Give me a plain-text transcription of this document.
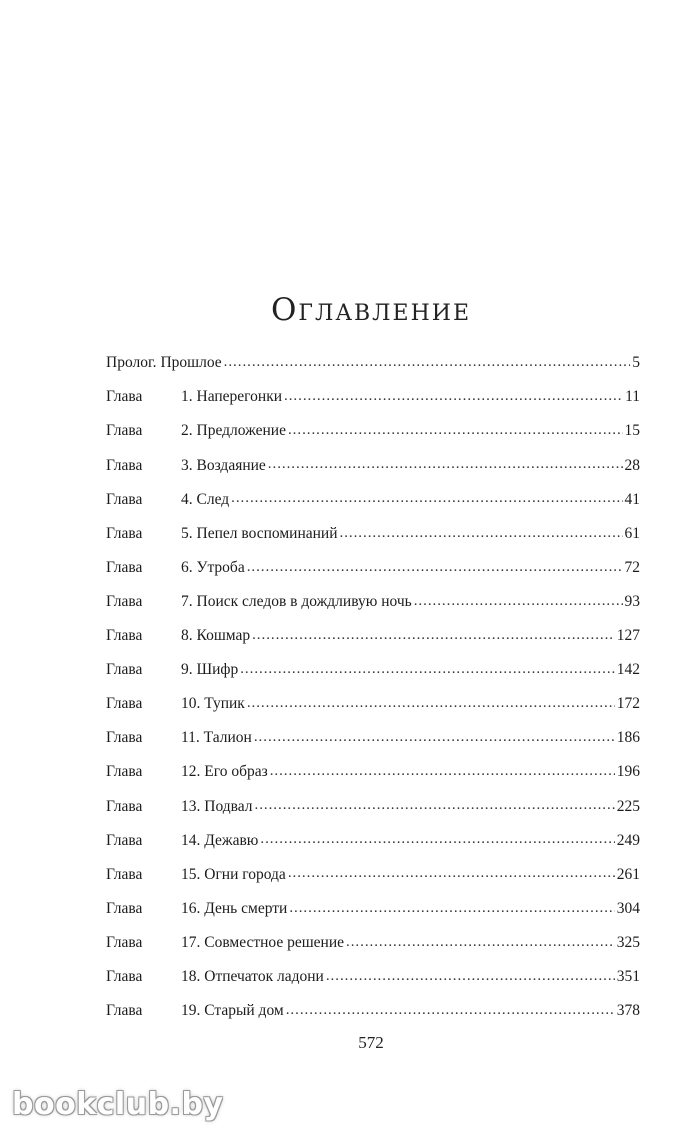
Оглавление
Пролог. Прошлое . . .	5
Глава 1. Наперегонки . . .	11
Глава 2. Предложение . . .	15
Глава 3. Воздаяние . . .	28
Глава 4. След . . .	41
Глава 5. Пепел воспоминаний . . .	61
Глава 6. Утроба . . .	72
Глава 7. Поиск следов в дождливую ночь . . .	93
Глава 8. Кошмар . . .	127
Глава 9. Шифр . . .	142
Глава 10. Тупик . . .	172
Глава 11. Талион . . .	186
Глава 12. Его образ . . .	196
Глава 13. Подвал . . .	225
Глава 14. Дежавю . . .	249
Глава 15. Огни города . . .	261
Глава 16. День смерти . . .	304
Глава 17. Совместное решение . . .	325
Глава 18. Отпечаток ладони . . .	351
Глава 19. Старый дом . . .	378
572
bookclub.by
